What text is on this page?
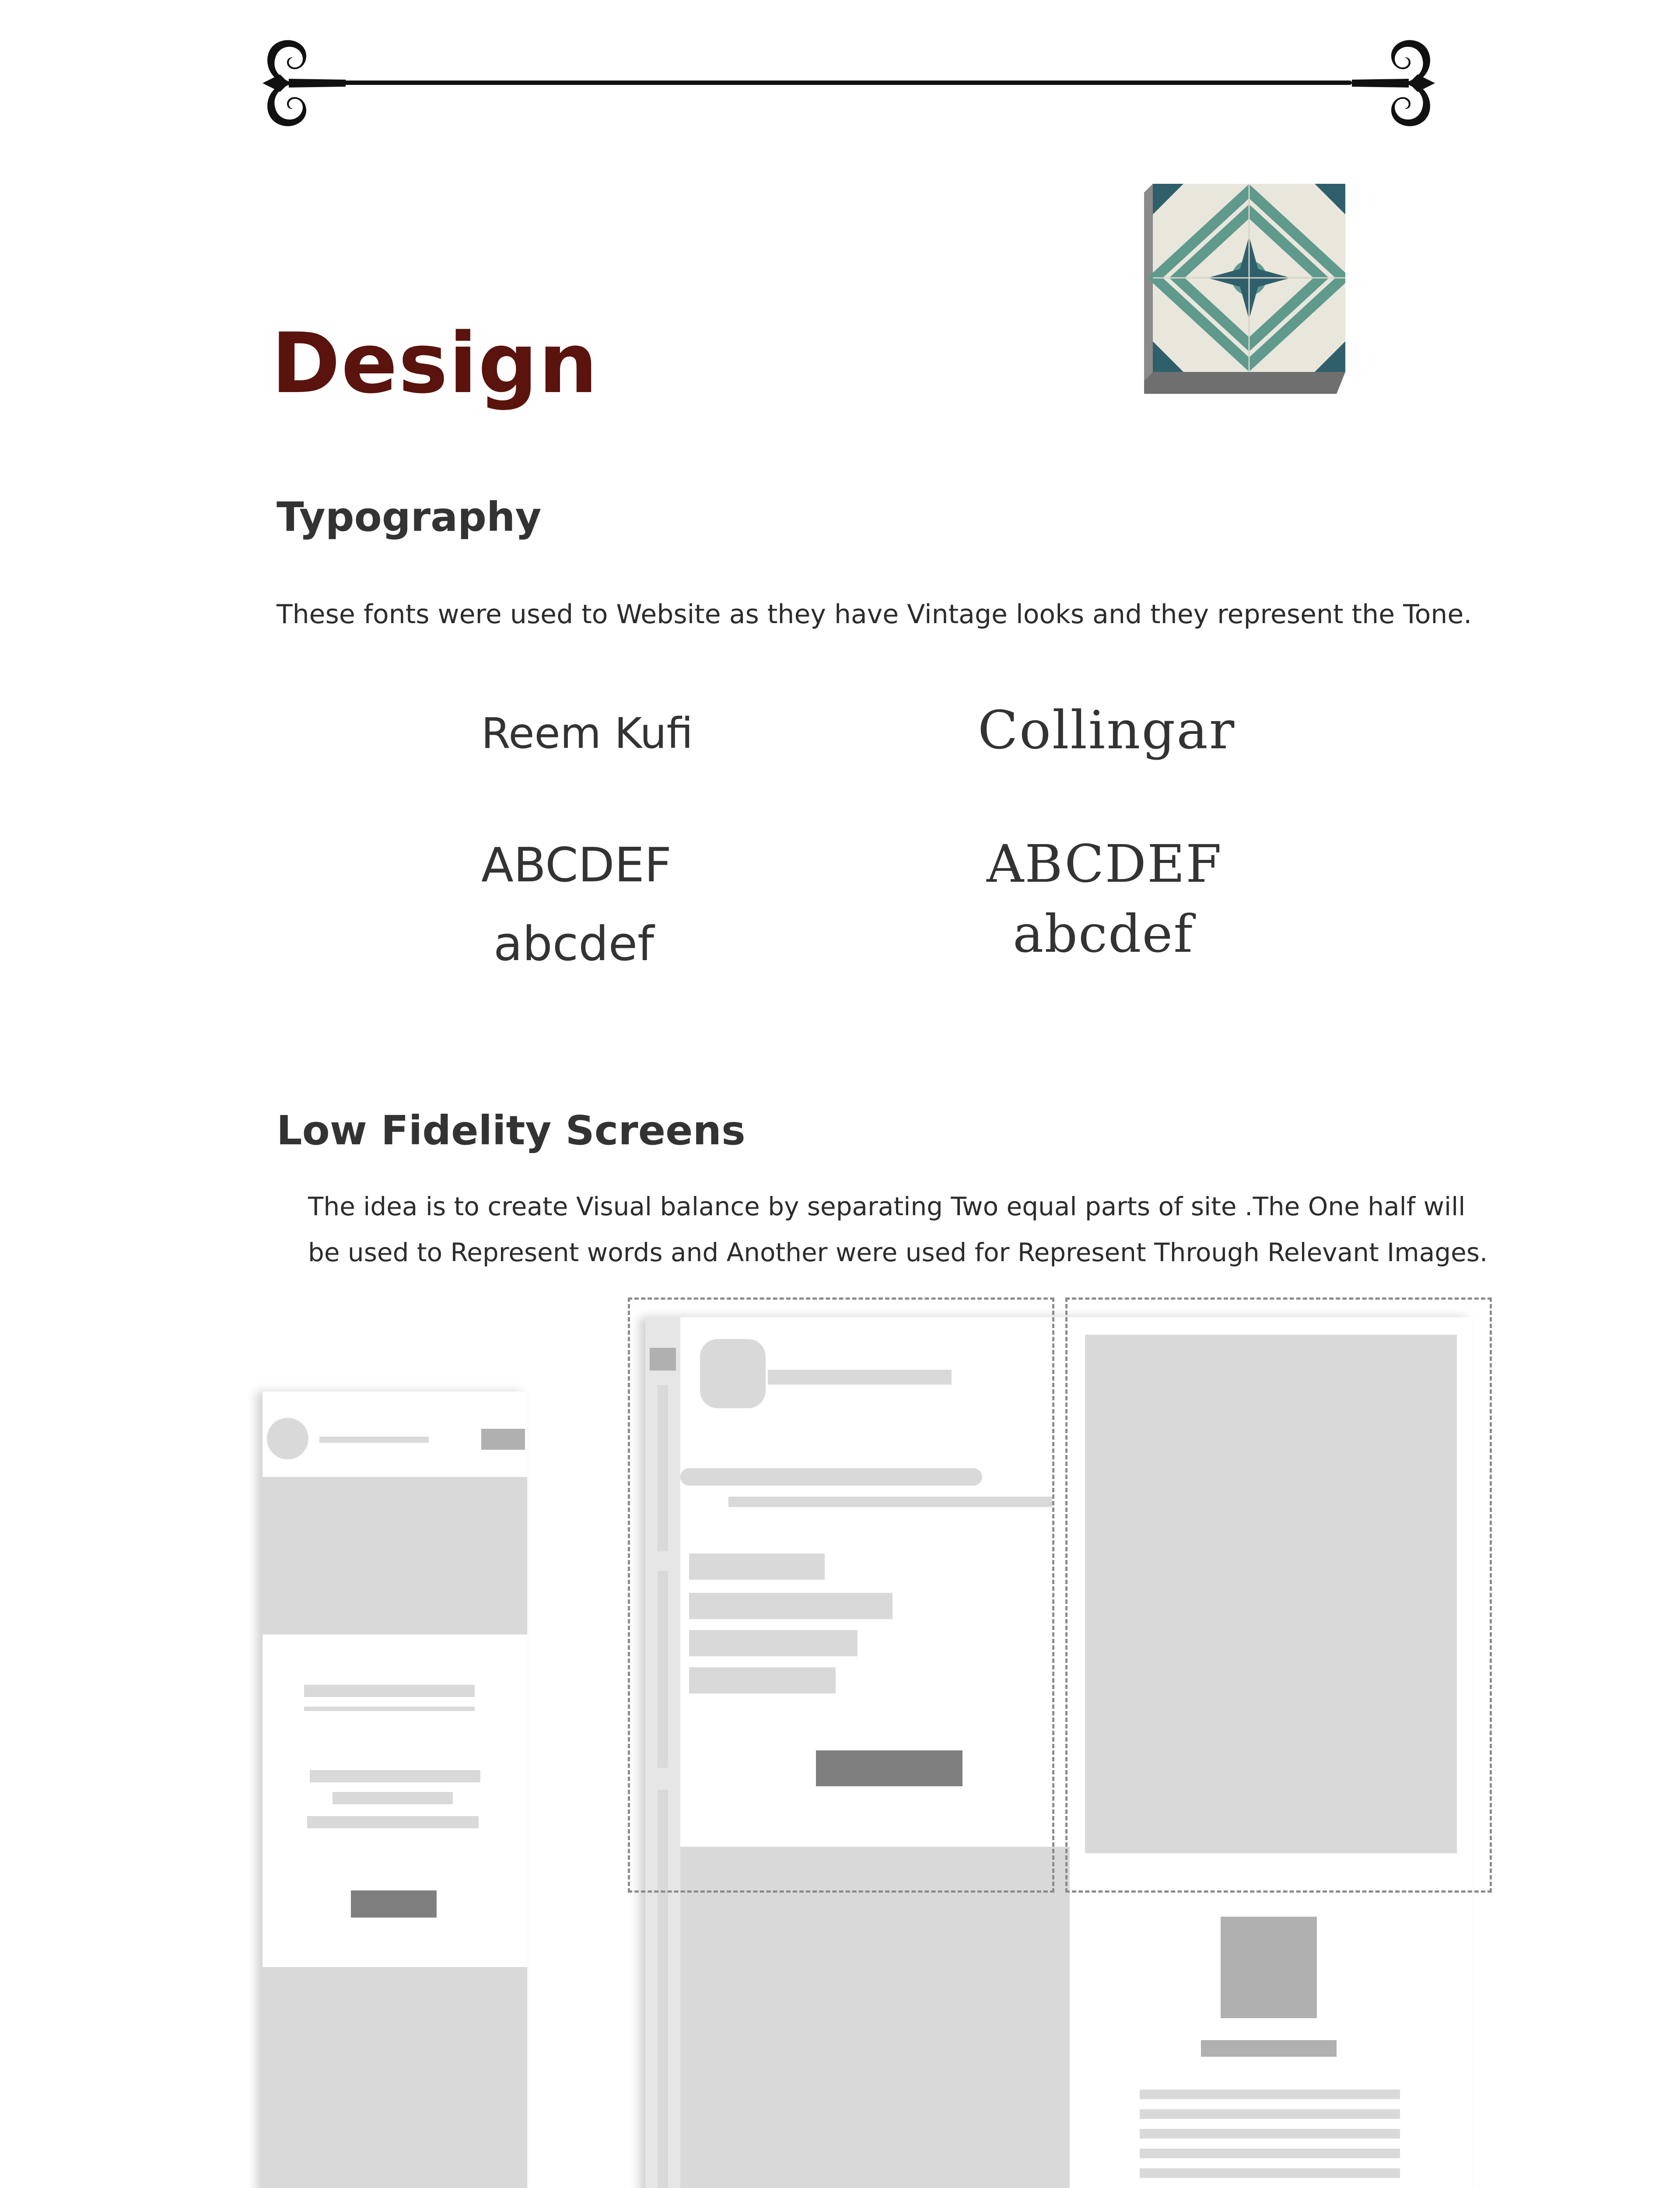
Design
Typography
These fonts were used to Website as they have Vintage looks and they represent the Tone.
Reem Kufi	Collingar
ABCDEF
abcdef
ABCDEF
abcdef
Low Fidelity Screens
The idea is to create Visual balance by separating Two equal parts of site .The One half will
be used to Represent words and Another were used for Represent Through Relevant Images.
